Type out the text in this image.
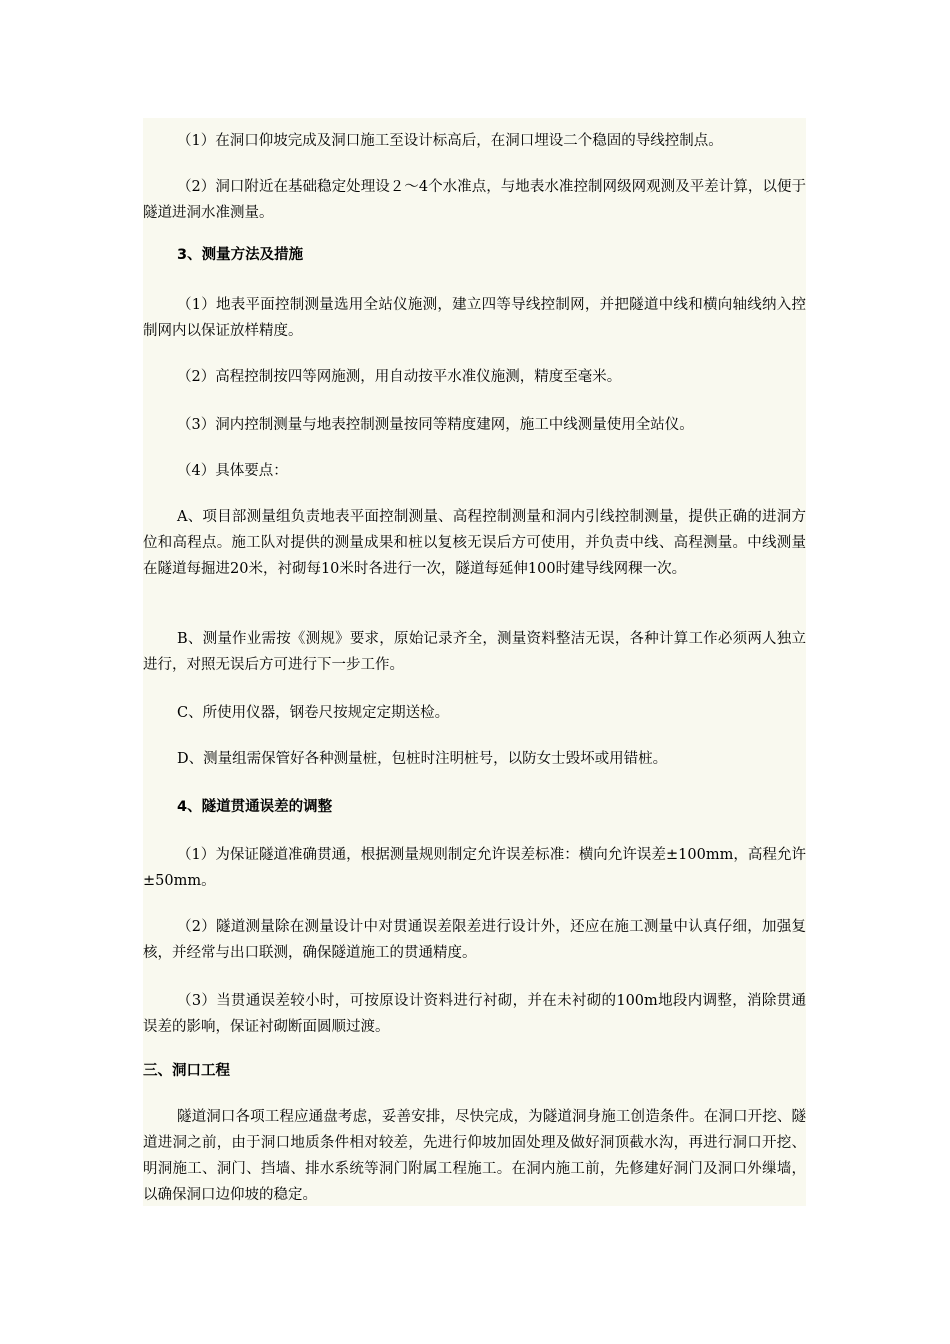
（1）在洞口仰坡完成及洞口施工至设计标高后，在洞口埋设二个稳固的导线控制点。

（2）洞口附近在基础稳定处理设２～4个水准点，与地表水准控制网级网观测及平差计算，以便于隧道进洞水准测量。

3、测量方法及措施

（1）地表平面控制测量选用全站仪施测，建立四等导线控制网，并把隧道中线和横向轴线纳入控制网内以保证放样精度。

（2）高程控制按四等网施测，用自动按平水准仪施测，精度至毫米。

（3）洞内控制测量与地表控制测量按同等精度建网，施工中线测量使用全站仪。

（4）具体要点：

A、项目部测量组负责地表平面控制测量、高程控制测量和洞内引线控制测量，提供正确的进洞方位和高程点。施工队对提供的测量成果和桩以复核无误后方可使用，并负责中线、高程测量。中线测量在隧道每掘进20米，衬砌每10米时各进行一次，隧道每延伸100时建导线网稞一次。

B、测量作业需按《测规》要求，原始记录齐全，测量资料整洁无误，各种计算工作必须两人独立进行，对照无误后方可进行下一步工作。

C、所使用仪器，钢卷尺按规定定期送检。

D、测量组需保管好各种测量桩，包桩时注明桩号，以防女士毁坏或用错桩。

4、隧道贯通误差的调整

（1）为保证隧道准确贯通，根据测量规则制定允许误差标准：横向允许误差±100mm，高程允许±50mm。

（2）隧道测量除在测量设计中对贯通误差限差进行设计外，还应在施工测量中认真仔细，加强复核，并经常与出口联测，确保隧道施工的贯通精度。

（3）当贯通误差较小时，可按原设计资料进行衬砌，并在未衬砌的100m地段内调整，消除贯通误差的影响，保证衬砌断面圆顺过渡。

三、洞口工程

隧道洞口各项工程应通盘考虑，妥善安排，尽快完成，为隧道洞身施工创造条件。在洞口开挖、隧道进洞之前，由于洞口地质条件相对较差，先进行仰坡加固处理及做好洞顶截水沟，再进行洞口开挖、明洞施工、洞门、挡墙、排水系统等洞门附属工程施工。在洞内施工前，先修建好洞门及洞口外缫墙，以确保洞口边仰坡的稳定。
